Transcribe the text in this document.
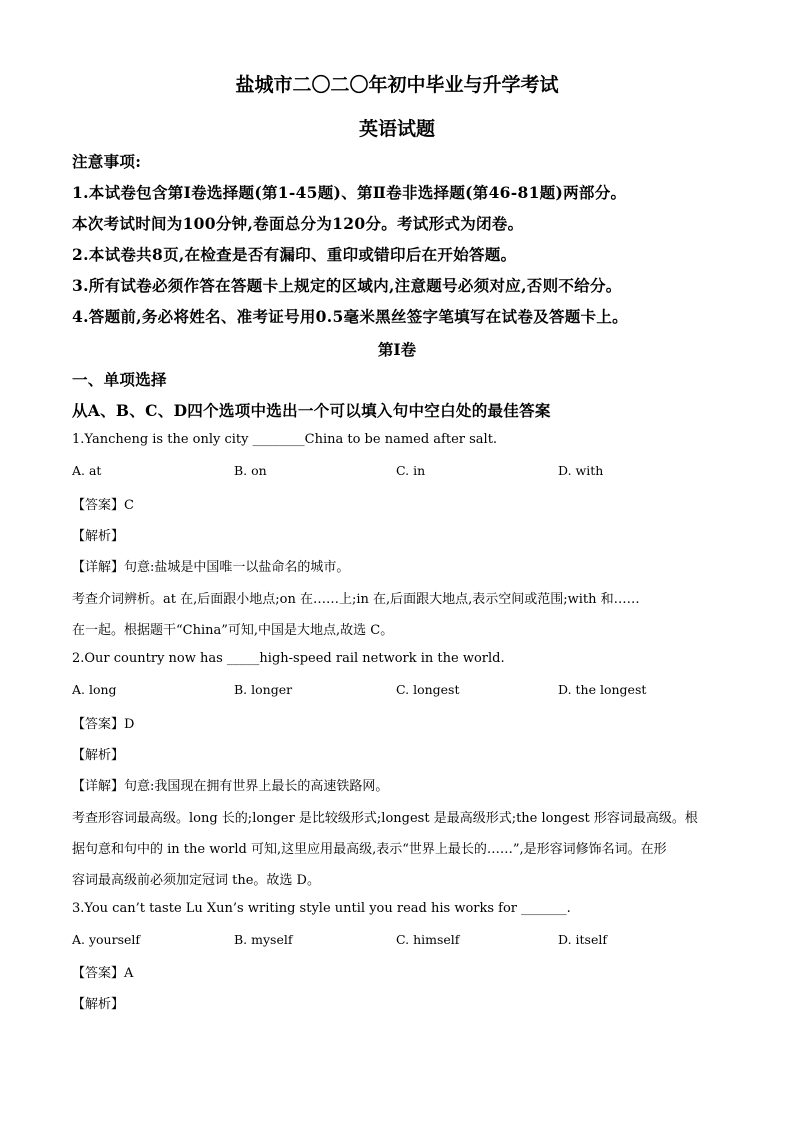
盐城市二〇二〇年初中毕业与升学考试
英语试题
注意事项:
1.本试卷包含第Ⅰ卷选择题(第1-45题)、第Ⅱ卷非选择题(第46-81题)两部分。
本次考试时间为100分钟,卷面总分为120分。考试形式为闭卷。
2.本试卷共8页,在检查是否有漏印、重印或错印后在开始答题。
3.所有试卷必须作答在答题卡上规定的区域内,注意题号必须对应,否则不给分。
4.答题前,务必将姓名、准考证号用0.5毫米黑丝签字笔填写在试卷及答题卡上。
第Ⅰ卷
一、单项选择
从A、B、C、D四个选项中选出一个可以填入句中空白处的最佳答案
1.Yancheng is the only city ________China to be named after salt.
A. at	B. on	C. in	D. with
【答案】C
【解析】
【详解】句意:盐城是中国唯一以盐命名的城市。
考查介词辨析。at 在,后面跟小地点;on 在……上;in 在,后面跟大地点,表示空间或范围;with 和……
在一起。根据题干“China”可知,中国是大地点,故选 C。
2.Our country now has _____high-speed rail network in the world.
A. long	B. longer	C. longest	D. the longest
【答案】D
【解析】
【详解】句意:我国现在拥有世界上最长的高速铁路网。
考查形容词最高级。long 长的;longer 是比较级形式;longest 是最高级形式;the longest 形容词最高级。根
据句意和句中的 in the world 可知,这里应用最高级,表示“世界上最长的……”,是形容词修饰名词。在形
容词最高级前必须加定冠词 the。故选 D。
3.You can’t taste Lu Xun’s writing style until you read his works for _______.
A. yourself	B. myself	C. himself	D. itself
【答案】A
【解析】
